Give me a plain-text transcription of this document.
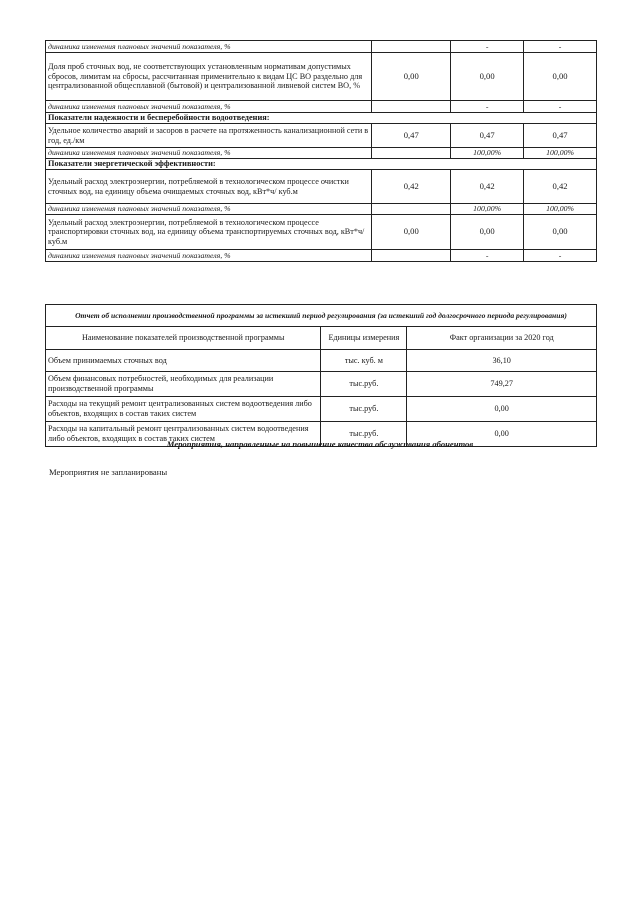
динамика изменения плановых значений показателя, %		-	-
Доля проб сточных вод, не соответствующих установленным нормативам допустимых сбросов, лимитам на сбросы, рассчитанная применительно к видам ЦС ВО раздельно для централизованной общесплавной (бытовой) и централизованной ливневой систем ВО, %	0,00	0,00	0,00
динамика изменения плановых значений показателя, %		-	-
Показатели надежности и бесперебойности водоотведения:			
Удельное количество аварий и засоров в расчете на протяженность канализационной сети в год, ед./км	0,47	0,47	0,47
динамика изменения плановых значений показателя, %		100,00%	100,00%
Показатели энергетической эффективности:			
Удельный расход электроэнергии, потребляемой в технологическом процессе очистки сточных вод, на единицу объема очищаемых сточных вод, кВт*ч/ куб.м	0,42	0,42	0,42
динамика изменения плановых значений показателя, %		100,00%	100,00%
Удельный расход электроэнергии, потребляемой в технологическом процессе транспортировки сточных вод, на единицу объема транспортируемых сточных вод, кВт*ч/ куб.м	0,00	0,00	0,00
динамика изменения плановых значений показателя, %		-	-
Отчет об исполнении производственной программы за истекший период регулирования (за истекший год долгосрочного периода регулирования)		
Наименование показателей производственной программы	Единицы измерения	Факт организации за 2020 год
Объем принимаемых сточных вод	тыс. куб. м	36,10
Объем финансовых потребностей, необходимых для реализации производственной программы	тыс.руб.	749,27
Расходы на текущий ремонт централизованных систем водоотведения либо объектов, входящих в состав таких систем	тыс.руб.	0,00
Расходы на капитальный ремонт централизованных систем водоотведения либо объектов, входящих в состав таких систем	тыс.руб.	0,00
Мероприятия, направленные на повышение качества обслуживания абонентов
Мероприятия не запланированы
